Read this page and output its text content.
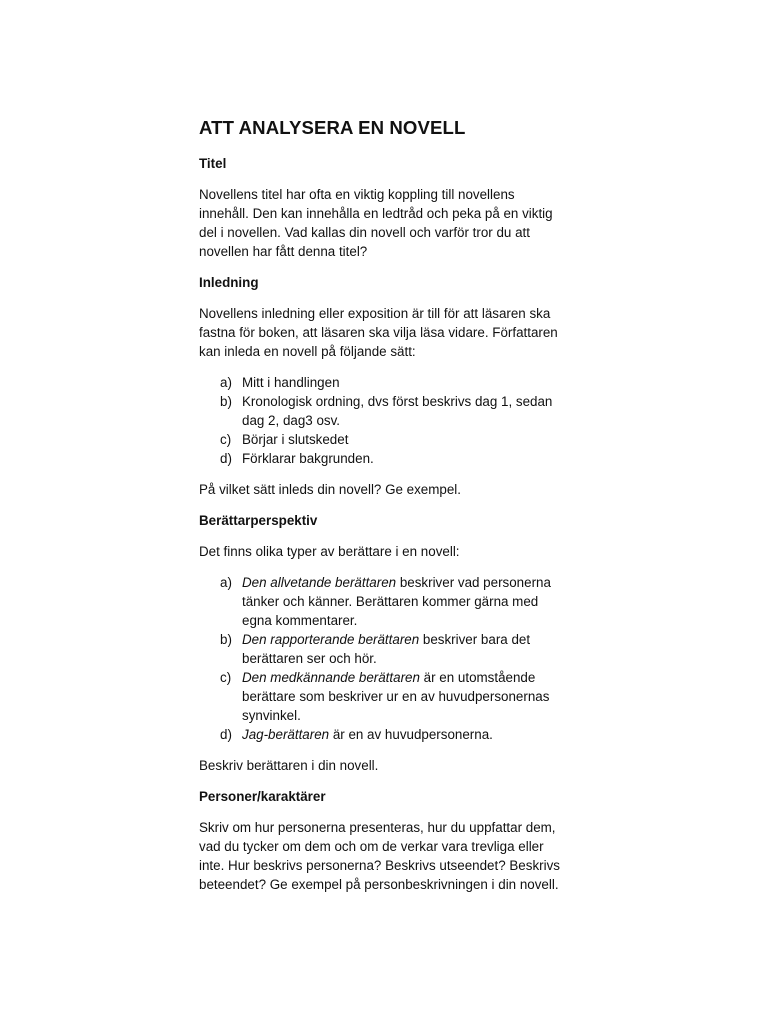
ATT ANALYSERA EN NOVELL
Titel

Novellens titel har ofta en viktig koppling till novellens innehåll. Den kan innehålla en ledtråd och peka på en viktig del i novellen. Vad kallas din novell och varför tror du att novellen har fått denna titel?

Inledning

Novellens inledning eller exposition är till för att läsaren ska fastna för boken, att läsaren ska vilja läsa vidare. Författaren kan inleda en novell på följande sätt:

a) Mitt i handlingen
b) Kronologisk ordning, dvs först beskrivs dag 1, sedan dag 2, dag3 osv.
c) Börjar i slutskedet
d) Förklarar bakgrunden.

På vilket sätt inleds din novell? Ge exempel.

Berättarperspektiv

Det finns olika typer av berättare i en novell:

a) Den allvetande berättaren beskriver vad personerna tänker och känner. Berättaren kommer gärna med egna kommentarer.
b) Den rapporterande berättaren beskriver bara det berättaren ser och hör.
c) Den medkännande berättaren är en utomstående berättare som beskriver ur en av huvudpersonernas synvinkel.
d) Jag-berättaren är en av huvudpersonerna.

Beskriv berättaren i din novell.

Personer/karaktärer

Skriv om hur personerna presenteras, hur du uppfattar dem, vad du tycker om dem och om de verkar vara trevliga eller inte. Hur beskrivs personerna? Beskrivs utseendet? Beskrivs beteendet? Ge exempel på personbeskrivningen i din novell.
